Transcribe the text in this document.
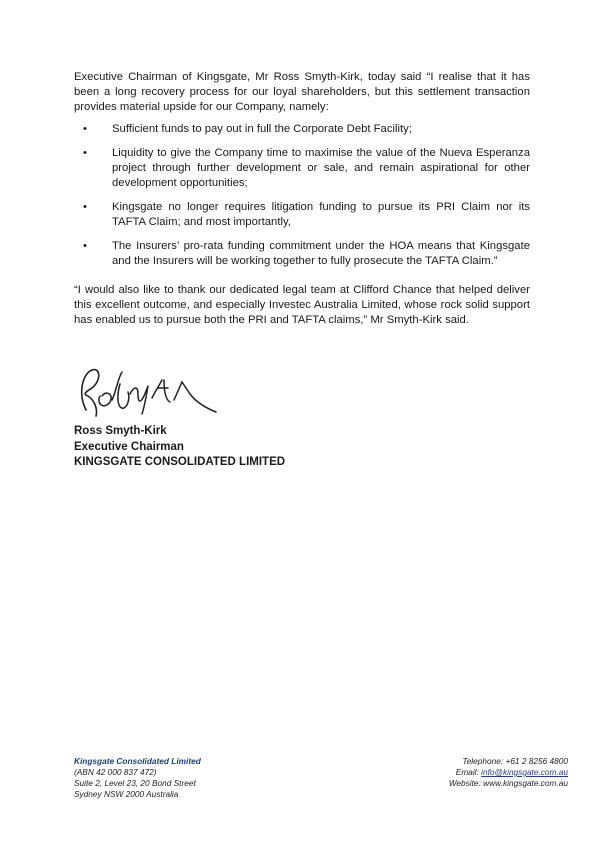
Executive Chairman of Kingsgate, Mr Ross Smyth-Kirk, today said “I realise that it has been a long recovery process for our loyal shareholders, but this settlement transaction provides material upside for our Company, namely:
• Sufficient funds to pay out in full the Corporate Debt Facility;
• Liquidity to give the Company time to maximise the value of the Nueva Esperanza project through further development or sale, and remain aspirational for other development opportunities;
• Kingsgate no longer requires litigation funding to pursue its PRI Claim nor its TAFTA Claim; and most importantly,
• The Insurers’ pro-rata funding commitment under the HOA means that Kingsgate and the Insurers will be working together to fully prosecute the TAFTA Claim.”
“I would also like to thank our dedicated legal team at Clifford Chance that helped deliver this excellent outcome, and especially Investec Australia Limited, whose rock solid support has enabled us to pursue both the PRI and TAFTA claims,” Mr Smyth-Kirk said.
Ross Smyth-Kirk
Executive Chairman
KINGSGATE CONSOLIDATED LIMITED
Kingsgate Consolidated Limited
(ABN 42 000 837 472)
Suite 2, Level 23, 20 Bond Street
Sydney NSW 2000 Australia
Telephone: +61 2 8256 4800
Email: info@kingsgate.com.au
Website: www.kingsgate.com.au
